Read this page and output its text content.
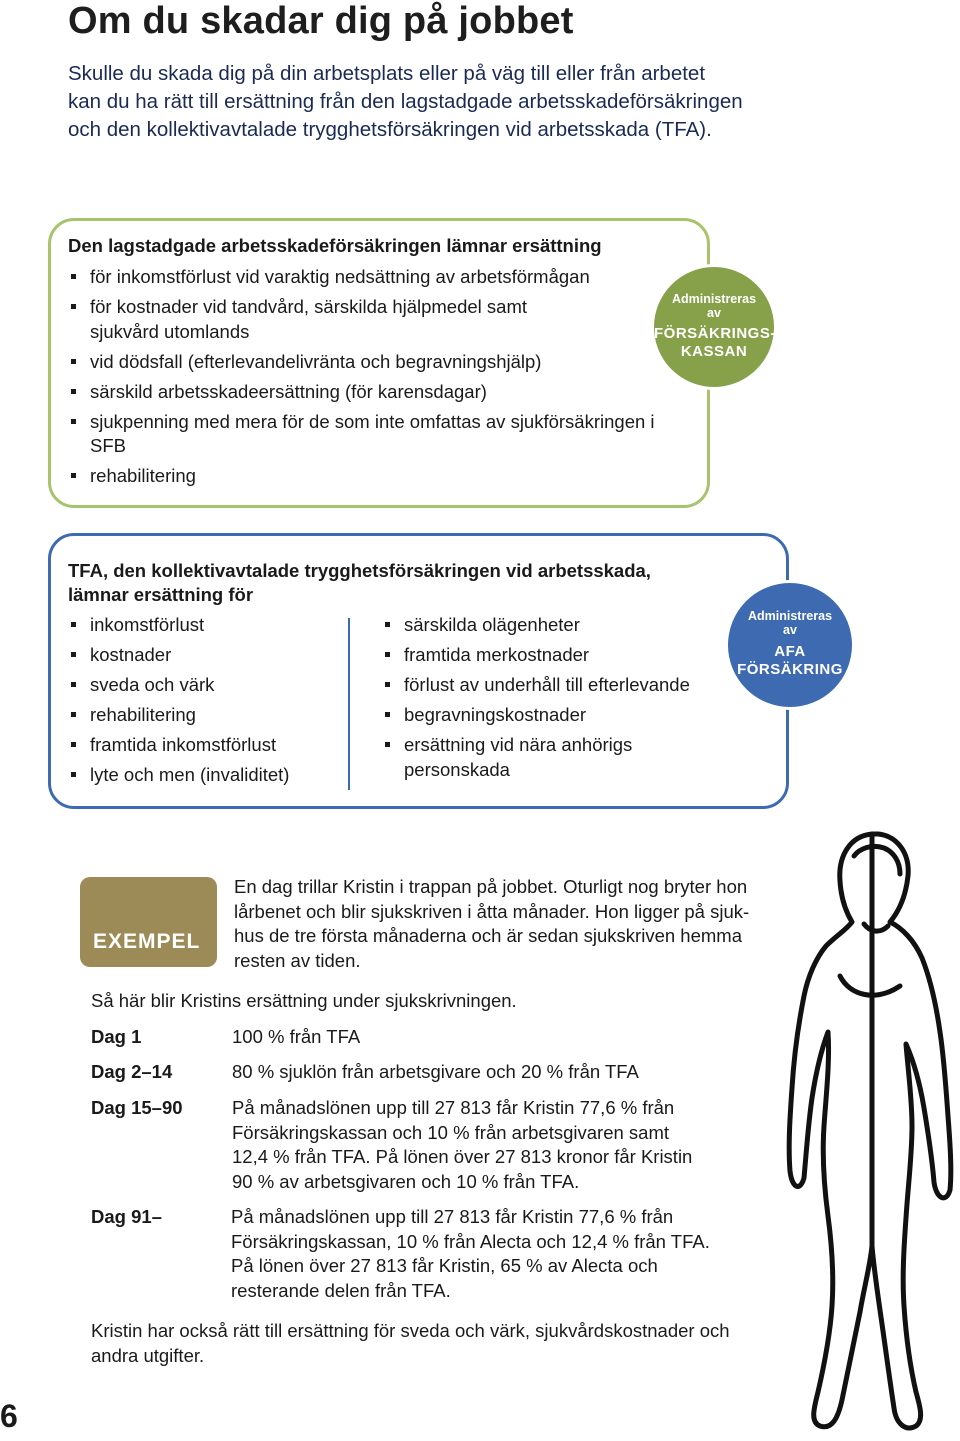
Om du skadar dig på jobbet
Skulle du skada dig på din arbetsplats eller på väg till eller från arbetet
kan du ha rätt till ersättning från den lagstadgade arbetsskadeförsäkringen
och den kollektivavtalade trygghetsförsäkringen vid arbetsskada (TFA).
Den lagstadgade arbetsskadeförsäkringen lämnar ersättning
för inkomstförlust vid varaktig nedsättning av arbetsförmågan
för kostnader vid tandvård, särskilda hjälpmedel samt sjukvård utomlands
vid dödsfall (efterlevandelivränta och begravningshjälp)
särskild arbetsskadeersättning (för karensdagar)
sjukpenning med mera för de som inte omfattas av sjukförsäkringen i SFB
rehabilitering
Administreras
av
FÖRSÄKRINGS-
KASSAN
TFA, den kollektivavtalade trygghetsförsäkringen vid arbetsskada,
lämnar ersättning för
inkomstförlust
kostnader
sveda och värk
rehabilitering
framtida inkomstförlust
lyte och men (invaliditet)
särskilda olägenheter
framtida merkostnader
förlust av underhåll till efterlevande
begravningskostnader
ersättning vid nära anhörigs personskada
Administreras
av
AFA
FÖRSÄKRING
EXEMPEL
En dag trillar Kristin i trappan på jobbet. Oturligt nog bryter hon
lårbenet och blir sjukskriven i åtta månader. Hon ligger på sjuk-
hus de tre första månaderna och är sedan sjukskriven hemma
resten av tiden.
Så här blir Kristins ersättning under sjukskrivningen.
Dag 1	100 % från TFA
Dag 2–14	80 % sjuklön från arbetsgivare och 20 % från TFA
Dag 15–90	På månadslönen upp till 27 813 får Kristin 77,6 % från
Försäkringskassan och 10 % från arbetsgivaren samt
12,4 % från TFA. På lönen över 27 813 kronor får Kristin
90 % av arbetsgivaren och 10 % från TFA.
Dag 91–	På månadslönen upp till 27 813 får Kristin 77,6 % från
Försäkringskassan, 10 % från Alecta och 12,4 % från TFA.
På lönen över 27 813 får Kristin, 65 % av Alecta och
resterande delen från TFA.
Kristin har också rätt till ersättning för sveda och värk, sjukvårdskostnader och
andra utgifter.
6
